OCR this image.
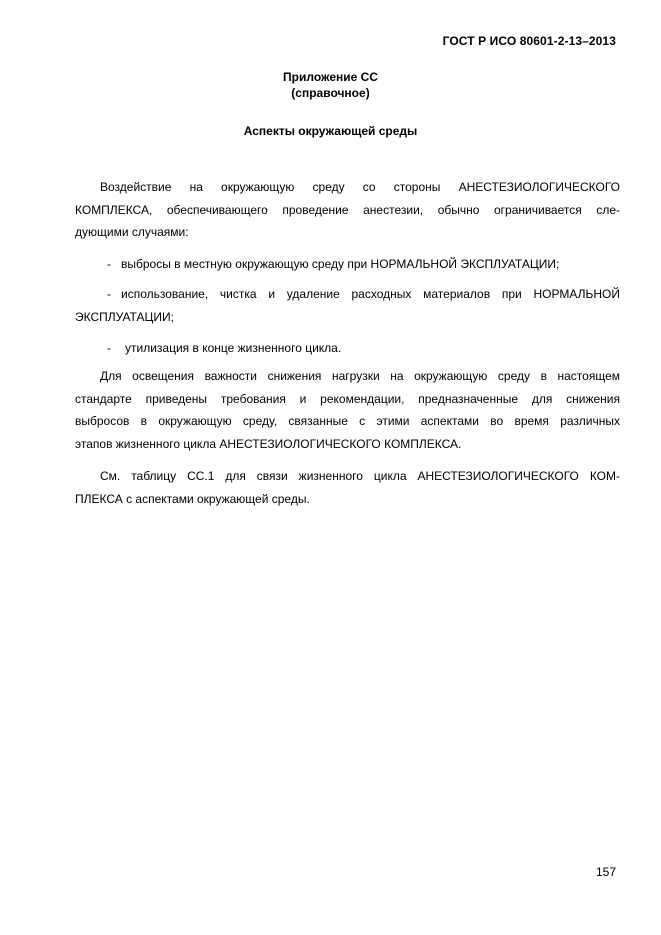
ГОСТ Р ИСО 80601-2-13–2013
Приложение СС
(справочное)
Аспекты окружающей среды
Воздействие на окружающую среду со стороны АНЕСТЕЗИОЛОГИЧЕСКОГО
КОМПЛЕКСА, обеспечивающего проведение анестезии, обычно ограничивается сле-
дующими случаями:
- выбросы в местную окружающую среду при НОРМАЛЬНОЙ ЭКСПЛУАТАЦИИ;
- использование, чистка и удаление расходных материалов при НОРМАЛЬНОЙ
ЭКСПЛУАТАЦИИ;
- утилизация в конце жизненного цикла.
Для освещения важности снижения нагрузки на окружающую среду в настоящем
стандарте приведены требования и рекомендации, предназначенные для снижения
выбросов в окружающую среду, связанные с этими аспектами во время различных
этапов жизненного цикла АНЕСТЕЗИОЛОГИЧЕСКОГО КОМПЛЕКСА.
См. таблицу СС.1 для связи жизненного цикла АНЕСТЕЗИОЛОГИЧЕСКОГО КОМ-
ПЛЕКСА с аспектами окружающей среды.
157
